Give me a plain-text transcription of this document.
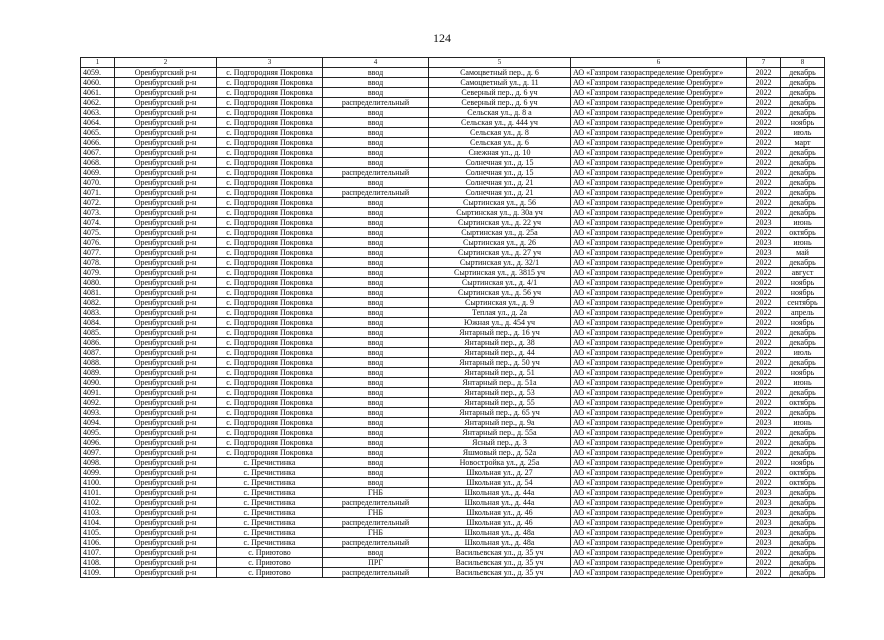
124
1	2	3	4	5	6	7	8
4059.	Оренбургский р-н	с. Подгородняя Покровка	ввод	Самоцветный пер., д. 6	АО «Газпром газораспределение Оренбург»	2022	декабрь
4060.	Оренбургский р-н	с. Подгородняя Покровка	ввод	Самоцветный ул., д. 11	АО «Газпром газораспределение Оренбург»	2022	декабрь
4061.	Оренбургский р-н	с. Подгородняя Покровка	ввод	Северный пер., д. 6 уч	АО «Газпром газораспределение Оренбург»	2022	декабрь
4062.	Оренбургский р-н	с. Подгородняя Покровка	распределительный	Северный пер., д. 6 уч	АО «Газпром газораспределение Оренбург»	2022	декабрь
4063.	Оренбургский р-н	с. Подгородняя Покровка	ввод	Сельская ул., д. 8 а	АО «Газпром газораспределение Оренбург»	2022	декабрь
4064.	Оренбургский р-н	с. Подгородняя Покровка	ввод	Сельская ул., д. 444 уч	АО «Газпром газораспределение Оренбург»	2022	ноябрь
4065.	Оренбургский р-н	с. Подгородняя Покровка	ввод	Сельская ул., д. 8	АО «Газпром газораспределение Оренбург»	2022	июль
4066.	Оренбургский р-н	с. Подгородняя Покровка	ввод	Сельская ул., д. 6	АО «Газпром газораспределение Оренбург»	2022	март
4067.	Оренбургский р-н	с. Подгородняя Покровка	ввод	Снежная ул., д. 10	АО «Газпром газораспределение Оренбург»	2022	декабрь
4068.	Оренбургский р-н	с. Подгородняя Покровка	ввод	Солнечная ул., д. 15	АО «Газпром газораспределение Оренбург»	2022	декабрь
4069.	Оренбургский р-н	с. Подгородняя Покровка	распределительный	Солнечная ул., д. 15	АО «Газпром газораспределение Оренбург»	2022	декабрь
4070.	Оренбургский р-н	с. Подгородняя Покровка	ввод	Солнечная ул., д. 21	АО «Газпром газораспределение Оренбург»	2022	декабрь
4071.	Оренбургский р-н	с. Подгородняя Покровка	распределительный	Солнечная ул., д. 21	АО «Газпром газораспределение Оренбург»	2022	декабрь
4072.	Оренбургский р-н	с. Подгородняя Покровка	ввод	Сыртинская ул., д. 56	АО «Газпром газораспределение Оренбург»	2022	декабрь
4073.	Оренбургский р-н	с. Подгородняя Покровка	ввод	Сыртинская ул., д. 30а уч	АО «Газпром газораспределение Оренбург»	2022	декабрь
4074.	Оренбургский р-н	с. Подгородняя Покровка	ввод	Сыртинская ул., д. 22 уч	АО «Газпром газораспределение Оренбург»	2023	июнь
4075.	Оренбургский р-н	с. Подгородняя Покровка	ввод	Сыртинская ул., д. 25а	АО «Газпром газораспределение Оренбург»	2022	октябрь
4076.	Оренбургский р-н	с. Подгородняя Покровка	ввод	Сыртинская ул., д. 26	АО «Газпром газораспределение Оренбург»	2023	июнь
4077.	Оренбургский р-н	с. Подгородняя Покровка	ввод	Сыртинская ул., д. 27 уч	АО «Газпром газораспределение Оренбург»	2023	май
4078.	Оренбургский р-н	с. Подгородняя Покровка	ввод	Сыртинская ул., д. 32/1	АО «Газпром газораспределение Оренбург»	2022	декабрь
4079.	Оренбургский р-н	с. Подгородняя Покровка	ввод	Сыртинская ул., д. 3815 уч	АО «Газпром газораспределение Оренбург»	2022	август
4080.	Оренбургский р-н	с. Подгородняя Покровка	ввод	Сыртинская ул., д. 4/1	АО «Газпром газораспределение Оренбург»	2022	ноябрь
4081.	Оренбургский р-н	с. Подгородняя Покровка	ввод	Сыртинская ул., д. 56 уч	АО «Газпром газораспределение Оренбург»	2022	ноябрь
4082.	Оренбургский р-н	с. Подгородняя Покровка	ввод	Сыртинская ул., д. 9	АО «Газпром газораспределение Оренбург»	2022	сентябрь
4083.	Оренбургский р-н	с. Подгородняя Покровка	ввод	Теплая ул., д. 2а	АО «Газпром газораспределение Оренбург»	2022	апрель
4084.	Оренбургский р-н	с. Подгородняя Покровка	ввод	Южная ул., д. 454 уч	АО «Газпром газораспределение Оренбург»	2022	ноябрь
4085.	Оренбургский р-н	с. Подгородняя Покровка	ввод	Янтарный пер., д. 16 уч	АО «Газпром газораспределение Оренбург»	2022	декабрь
4086.	Оренбургский р-н	с. Подгородняя Покровка	ввод	Янтарный пер., д. 38	АО «Газпром газораспределение Оренбург»	2022	декабрь
4087.	Оренбургский р-н	с. Подгородняя Покровка	ввод	Янтарный пер., д. 44	АО «Газпром газораспределение Оренбург»	2022	июль
4088.	Оренбургский р-н	с. Подгородняя Покровка	ввод	Янтарный пер., д. 50 уч	АО «Газпром газораспределение Оренбург»	2022	декабрь
4089.	Оренбургский р-н	с. Подгородняя Покровка	ввод	Янтарный пер., д. 51	АО «Газпром газораспределение Оренбург»	2022	ноябрь
4090.	Оренбургский р-н	с. Подгородняя Покровка	ввод	Янтарный пер., д. 51а	АО «Газпром газораспределение Оренбург»	2022	июнь
4091.	Оренбургский р-н	с. Подгородняя Покровка	ввод	Янтарный пер., д. 53	АО «Газпром газораспределение Оренбург»	2022	декабрь
4092.	Оренбургский р-н	с. Подгородняя Покровка	ввод	Янтарный пер., д. 55	АО «Газпром газораспределение Оренбург»	2022	октябрь
4093.	Оренбургский р-н	с. Подгородняя Покровка	ввод	Янтарный пер., д. 65 уч	АО «Газпром газораспределение Оренбург»	2022	декабрь
4094.	Оренбургский р-н	с. Подгородняя Покровка	ввод	Янтарный пер., д. 9а	АО «Газпром газораспределение Оренбург»	2023	июнь
4095.	Оренбургский р-н	с. Подгородняя Покровка	ввод	Янтарный пер., д. 55а	АО «Газпром газораспределение Оренбург»	2022	декабрь
4096.	Оренбургский р-н	с. Подгородняя Покровка	ввод	Ясный пер., д. 3	АО «Газпром газораспределение Оренбург»	2022	декабрь
4097.	Оренбургский р-н	с. Подгородняя Покровка	ввод	Яшмовый пер., д. 52а	АО «Газпром газораспределение Оренбург»	2022	декабрь
4098.	Оренбургский р-н	с. Пречистинка	ввод	Новостройка ул., д. 25а	АО «Газпром газораспределение Оренбург»	2022	ноябрь
4099.	Оренбургский р-н	с. Пречистинка	ввод	Школьная ул., д. 27	АО «Газпром газораспределение Оренбург»	2022	октябрь
4100.	Оренбургский р-н	с. Пречистинка	ввод	Школьная ул., д. 54	АО «Газпром газораспределение Оренбург»	2022	октябрь
4101.	Оренбургский р-н	с. Пречистинка	ГНБ	Школьная ул., д. 44а	АО «Газпром газораспределение Оренбург»	2023	декабрь
4102.	Оренбургский р-н	с. Пречистинка	распределительный	Школьная ул., д. 44а	АО «Газпром газораспределение Оренбург»	2023	декабрь
4103.	Оренбургский р-н	с. Пречистинка	ГНБ	Школьная ул., д. 46	АО «Газпром газораспределение Оренбург»	2023	декабрь
4104.	Оренбургский р-н	с. Пречистинка	распределительный	Школьная ул., д. 46	АО «Газпром газораспределение Оренбург»	2023	декабрь
4105.	Оренбургский р-н	с. Пречистинка	ГНБ	Школьная ул., д. 48а	АО «Газпром газораспределение Оренбург»	2023	декабрь
4106.	Оренбургский р-н	с. Пречистинка	распределительный	Школьная ул., д. 48а	АО «Газпром газораспределение Оренбург»	2023	декабрь
4107.	Оренбургский р-н	с. Приютово	ввод	Васильевская ул., д. 35 уч	АО «Газпром газораспределение Оренбург»	2022	декабрь
4108.	Оренбургский р-н	с. Приютово	ПРГ	Васильевская ул., д. 35 уч	АО «Газпром газораспределение Оренбург»	2022	декабрь
4109.	Оренбургский р-н	с. Приютово	распределительный	Васильевская ул., д. 35 уч	АО «Газпром газораспределение Оренбург»	2022	декабрь
